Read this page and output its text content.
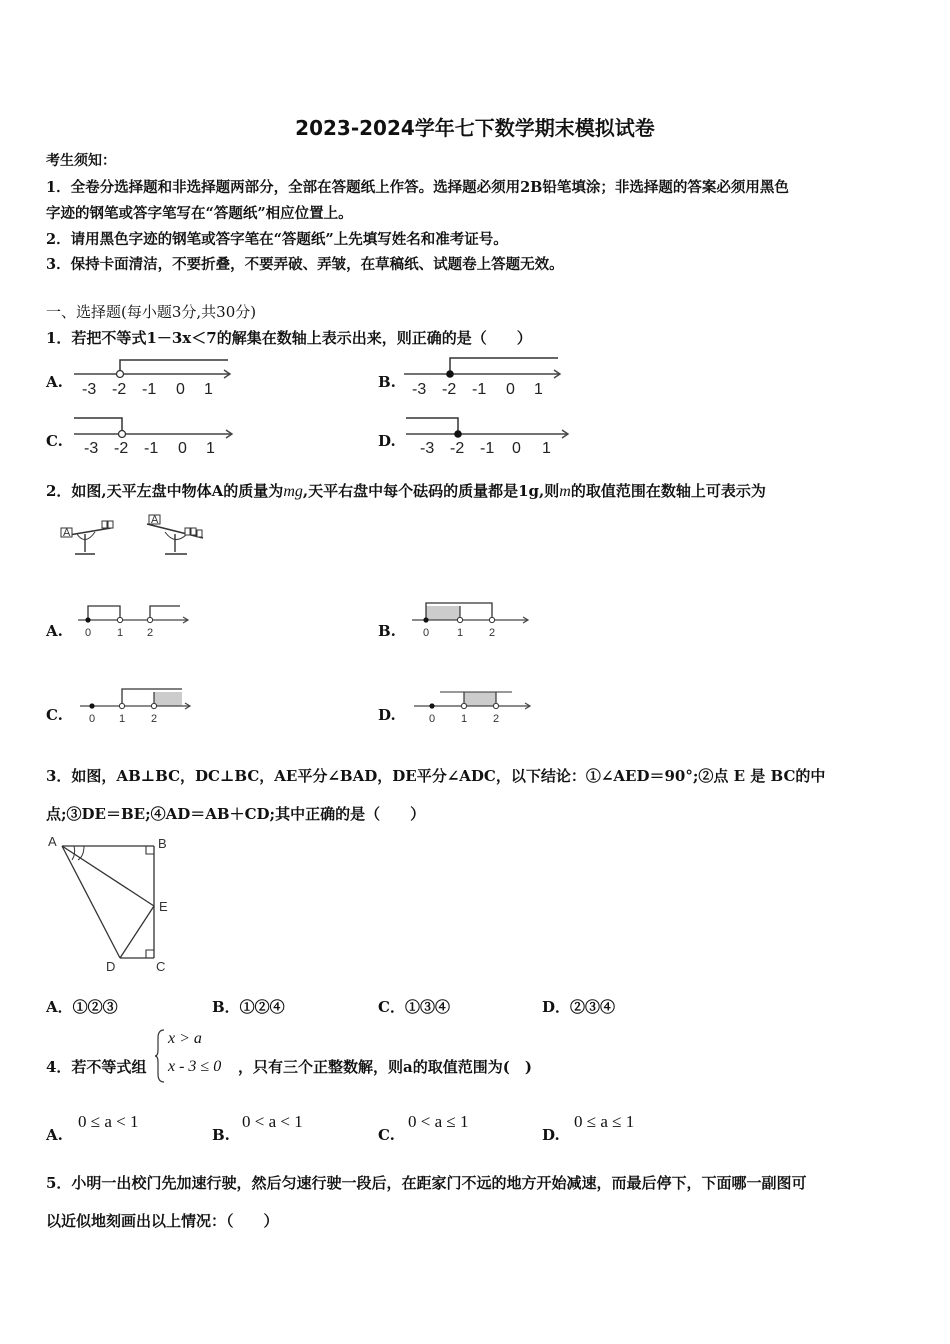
2023-2024学年七下数学期末模拟试卷
考生须知：
1．全卷分选择题和非选择题两部分，全部在答题纸上作答。选择题必须用2B铅笔填涂；非选择题的答案必须用黑色
字迹的钢笔或答字笔写在“答题纸”相应位置上。
2．请用黑色字迹的钢笔或答字笔在“答题纸”上先填写姓名和准考证号。
3．保持卡面清洁，不要折叠，不要弄破、弄皱，在草稿纸、试题卷上答题无效。
一、选择题(每小题3分,共30分)
1．若把不等式1－3x＜7的解集在数轴上表示出来，则正确的是（　　）
A. -3 -2 -1 0 1	B. -3 -2 -1 0 1
C. -3 -2 -1 0 1	D. -3 -2 -1 0 1
2．如图,天平左盘中物体A的质量为mg,天平右盘中每个砝码的质量都是1g,则m的取值范围在数轴上可表示为
A
A
A. 0 1 2	B. 0	1 2
C. 0 1 2	D.	0 1 2
3．如图，AB⊥BC，DC⊥BC，AE平分∠BAD，DE平分∠ADC，以下结论：①∠AED＝90°;②点 E 是 BC的中
点;③DE＝BE;④AD＝AB＋CD;其中正确的是（　　）
A	B
E
D	C
A．①②③	B．①②④	C．①③④	D．②③④
4．若不等式组
x > a
x - 3 ≤ 0 ，只有三个正整数解，则a的取值范围为(　)
A.
0 ≤ a < 1
B.
0 < a < 1
C.
0 < a ≤ 1
D.
0 ≤ a ≤ 1
5．小明一出校门先加速行驶，然后匀速行驶一段后，在距家门不远的地方开始减速，而最后停下，下面哪一副图可
以近似地刻画出以上情况：（　　）
